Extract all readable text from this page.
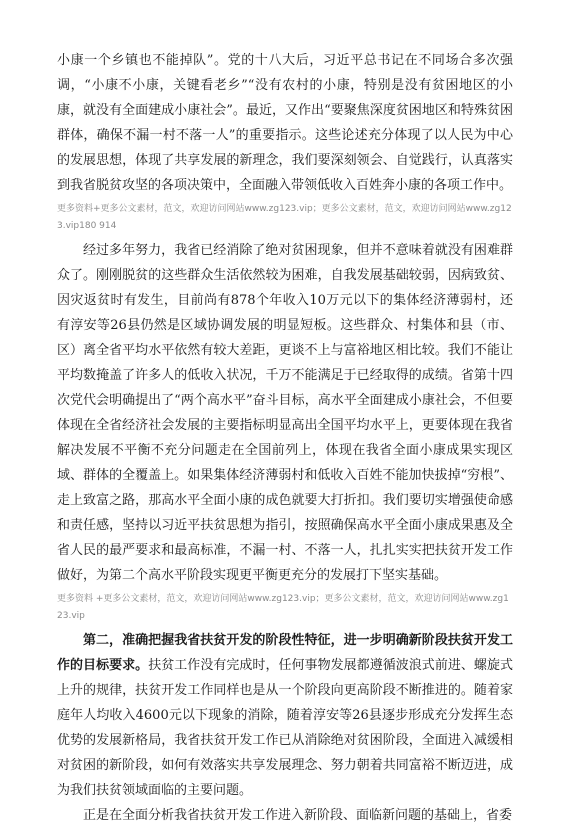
小康一个乡镇也不能掉队”。党的十八大后，习近平总书记在不同场合多次强调，“小康不小康，关键看老乡”“没有农村的小康，特别是没有贫困地区的小康，就没有全面建成小康社会”。最近，又作出“要聚焦深度贫困地区和特殊贫困群体，确保不漏一村不落一人”的重要指示。这些论述充分体现了以人民为中心的发展思想，体现了共享发展的新理念，我们要深刻领会、自觉践行，认真落实到我省脱贫攻坚的各项决策中，全面融入带领低收入百姓奔小康的各项工作中。

更多资料+更多公文素材，范文，欢迎访问网站www.zg123.vip；更多公文素材，范文，欢迎访问网站www.zg123.vip180 914

经过多年努力，我省已经消除了绝对贫困现象，但并不意味着就没有困难群众了。刚刚脱贫的这些群众生活依然较为困难，自我发展基础较弱，因病致贫、因灾返贫时有发生，目前尚有878个年收入10万元以下的集体经济薄弱村，还有淳安等26县仍然是区域协调发展的明显短板。这些群众、村集体和县（市、区）离全省平均水平依然有较大差距，更谈不上与富裕地区相比较。我们不能让平均数掩盖了许多人的低收入状况，千万不能满足于已经取得的成绩。省第十四次党代会明确提出了“两个高水平”奋斗目标，高水平全面建成小康社会，不但要体现在全省经济社会发展的主要指标明显高出全国平均水平上，更要体现在我省解决发展不平衡不充分问题走在全国前列上，体现在我省全面小康成果实现区域、群体的全覆盖上。如果集体经济薄弱村和低收入百姓不能加快拔掉“穷根”、走上致富之路，那高水平全面小康的成色就要大打折扣。我们要切实增强使命感和责任感，坚持以习近平扶贫思想为指引，按照确保高水平全面小康成果惠及全省人民的最严要求和最高标准，不漏一村、不落一人，扎扎实实把扶贫开发工作做好，为第二个高水平阶段实现更平衡更充分的发展打下坚实基础。

更多资料 +更多公文素材，范文，欢迎访问网站www.zg123.vip；更多公文素材，范文，欢迎访问网站www.zg123.vip

第二，准确把握我省扶贫开发的阶段性特征，进一步明确新阶段扶贫开发工作的目标要求。扶贫工作没有完成时，任何事物发展都遵循波浪式前进、螺旋式上升的规律，扶贫开发工作同样也是从一个阶段向更高阶段不断推进的。随着家庭年人均收入4600元以下现象的消除，随着淳安等26县逐步形成充分发挥生态优势的发展新格局，我省扶贫开发工作已从消除绝对贫困阶段，全面进入减缓相对贫困的新阶段，如何有效落实共享发展理念、努力朝着共同富裕不断迈进，成为我们扶贫领域面临的主要问题。

正是在全面分析我省扶贫开发工作进入新阶段、面临新问题的基础上，省委
